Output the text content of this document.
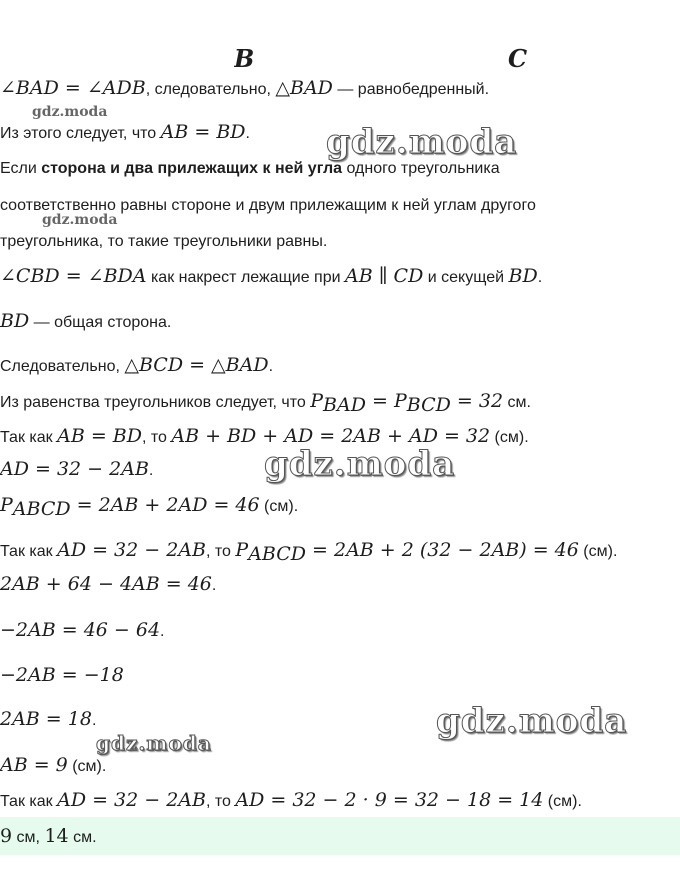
B	C
gdz.moda
gdz.moda
gdz.moda
gdz.moda
gdz.moda
gdz.moda
∠BAD = ∠ADB, следовательно, △BAD — равнобедренный.
Из этого следует, что AB = BD.
Если сторона и два прилежащих к ней угла одного треугольника
соответственно равны стороне и двум прилежащим к ней углам другого
треугольника, то такие треугольники равны.
∠CBD = ∠BDA как накрест лежащие при AB ∥ CD и секущей BD.
BD — общая сторона.
Следовательно, △BCD = △BAD.
Из равенства треугольников следует, что $P_{BAD} = P_{BCD} = 32$ см.
Так как AB = BD, то AB + BD + AD = 2AB + AD = 32 (см).
AD = 32 − 2AB.
$P_{ABCD} = 2AB + 2AD = 46$ (см).
Так как AD = 32 − 2AB, то $P_{ABCD} = 2AB + 2$ (32 − 2AB) = 46 (см).
2AB + 64 − 4AB = 46.
−2AB = 46 − 64.
−2AB = −18
2AB = 18.
AB = 9 (см).
Так как AD = 32 − 2AB, то AD = 32 − 2 · 9 = 32 − 18 = 14 (см).
9 см, 14 см.
